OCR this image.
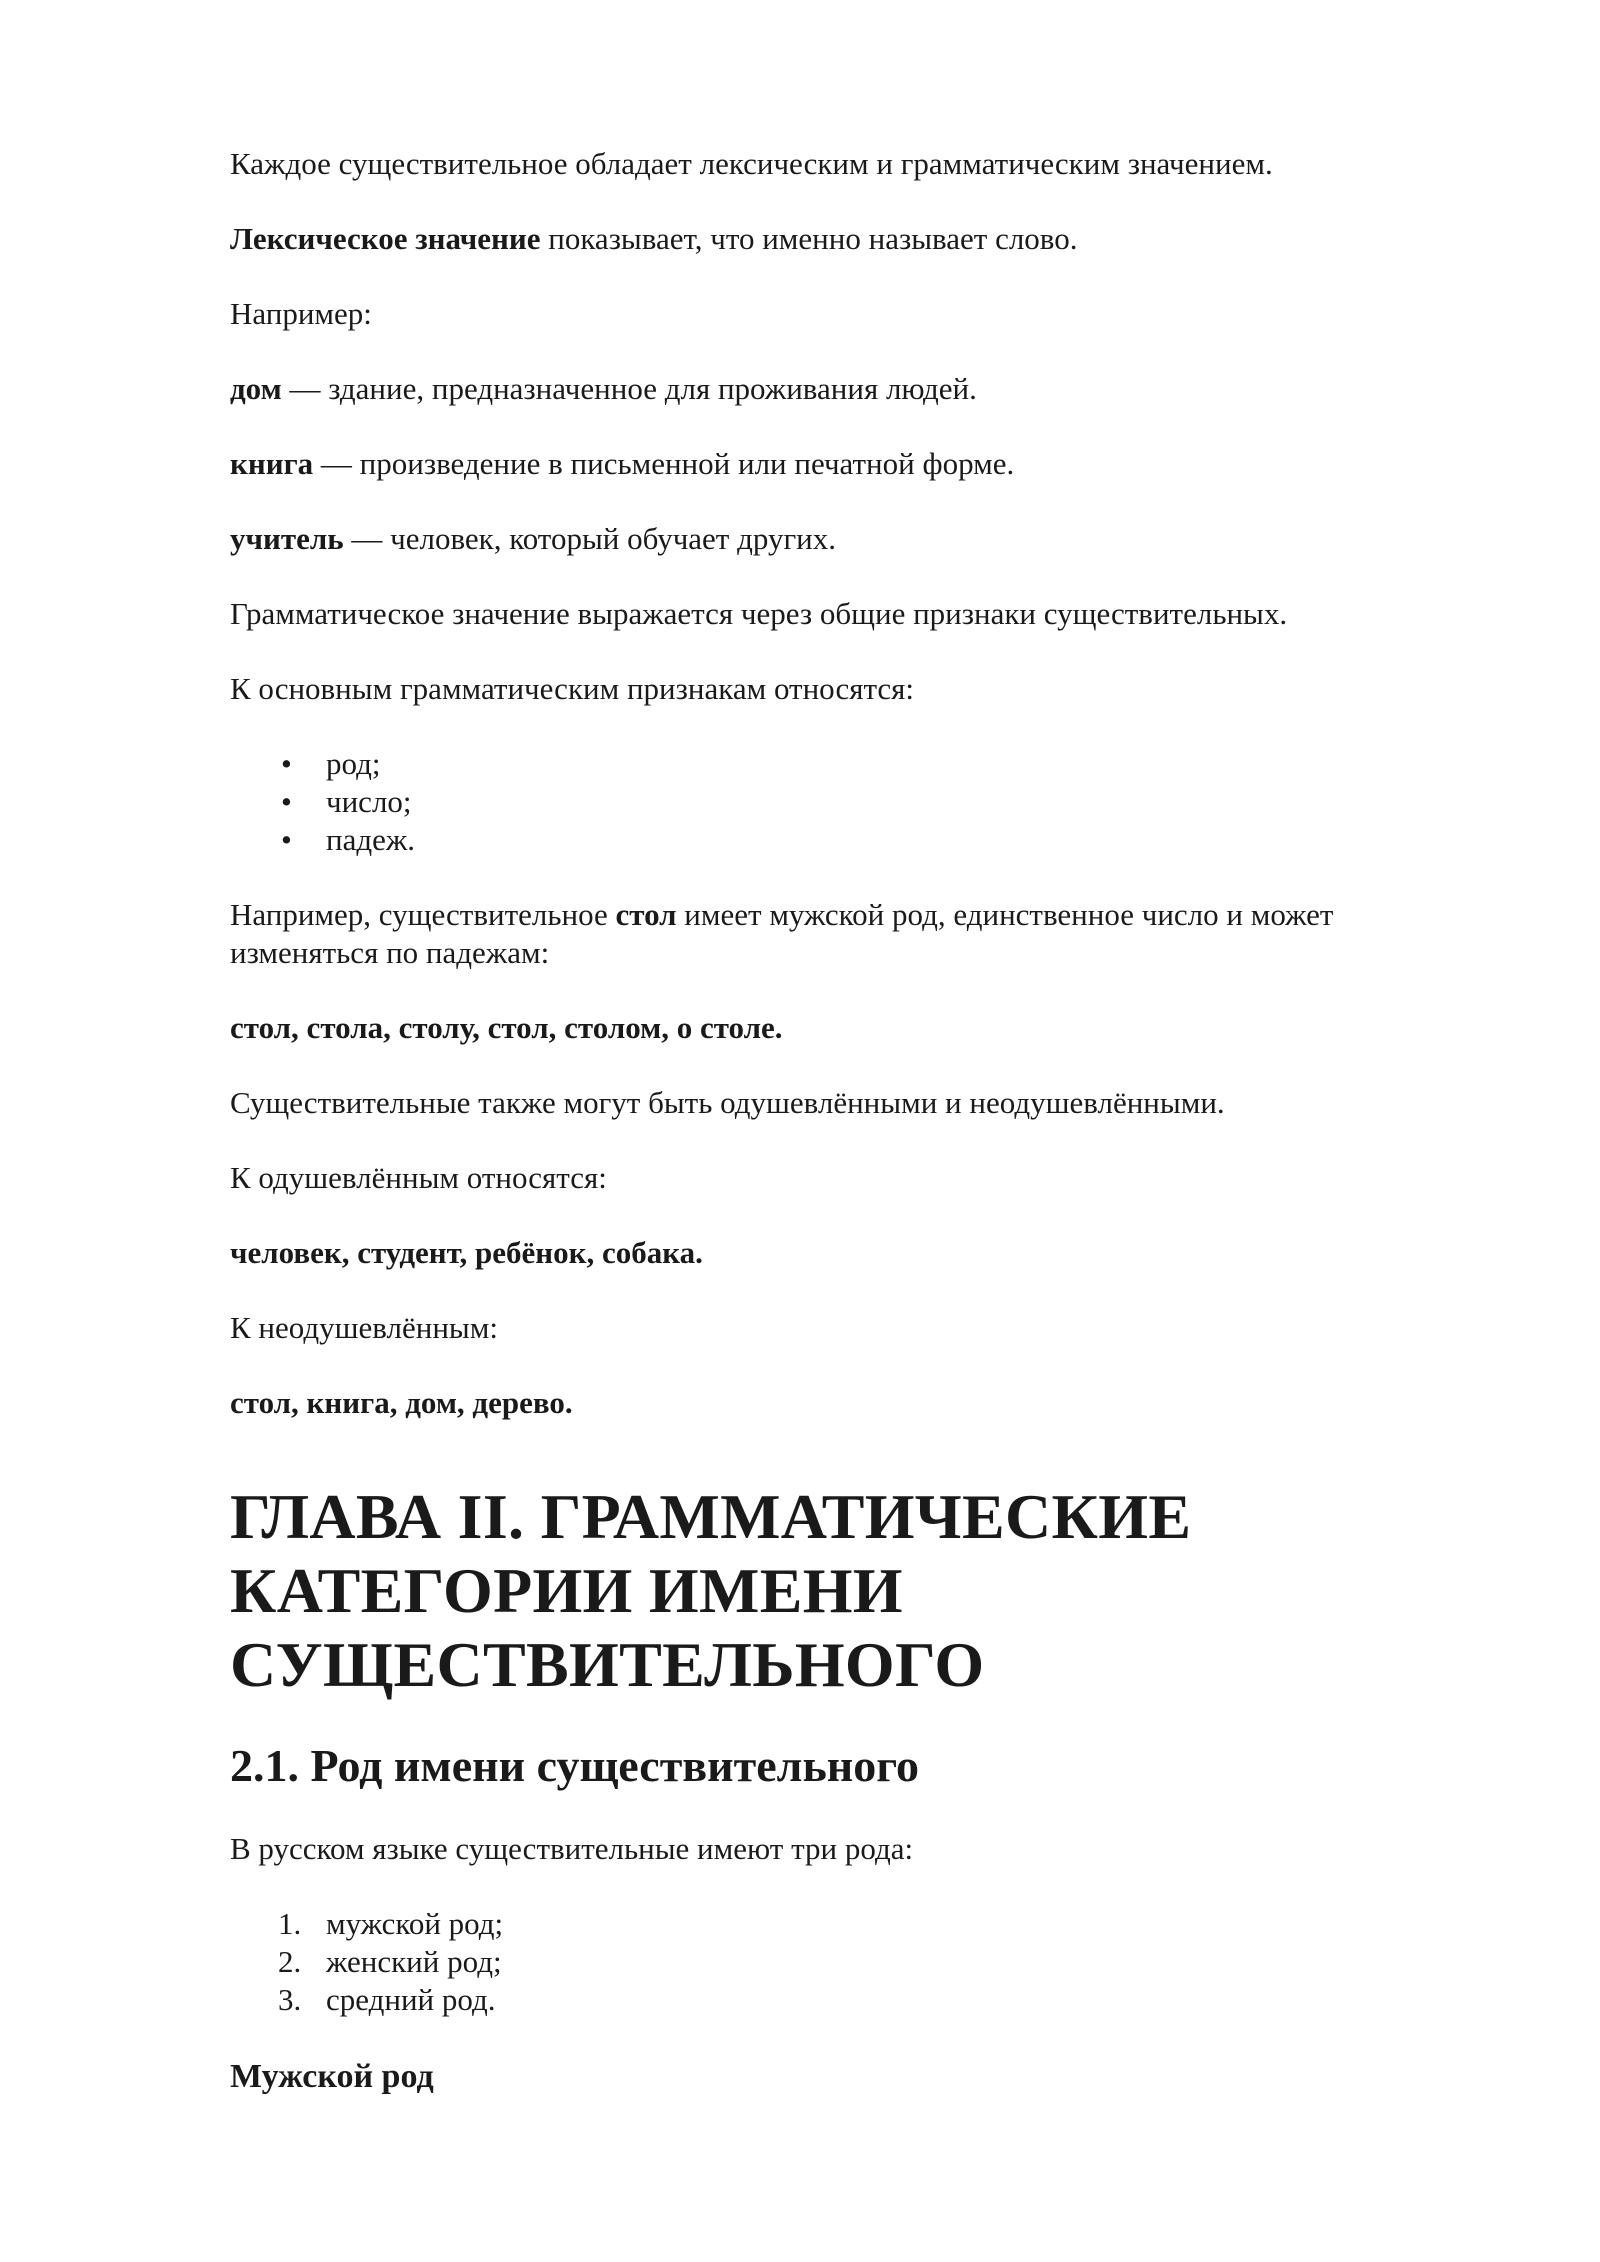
Каждое существительное обладает лексическим и грамматическим значением.

Лексическое значение показывает, что именно называет слово.

Например:

дом — здание, предназначенное для проживания людей.

книга — произведение в письменной или печатной форме.

учитель — человек, который обучает других.

Грамматическое значение выражается через общие признаки существительных.

К основным грамматическим признакам относятся:

• род;
• число;
• падеж.

Например, существительное стол имеет мужской род, единственное число и может изменяться по падежам:

стол, стола, столу, стол, столом, о столе.

Существительные также могут быть одушевлёнными и неодушевлёнными.

К одушевлённым относятся:

человек, студент, ребёнок, собака.

К неодушевлённым:

стол, книга, дом, дерево.

ГЛАВА II. ГРАММАТИЧЕСКИЕ
КАТЕГОРИИ ИМЕНИ
СУЩЕСТВИТЕЛЬНОГО
2.1. Род имени существительного

В русском языке существительные имеют три рода:

1. мужской род;
2. женский род;
3. средний род.
Мужской род
